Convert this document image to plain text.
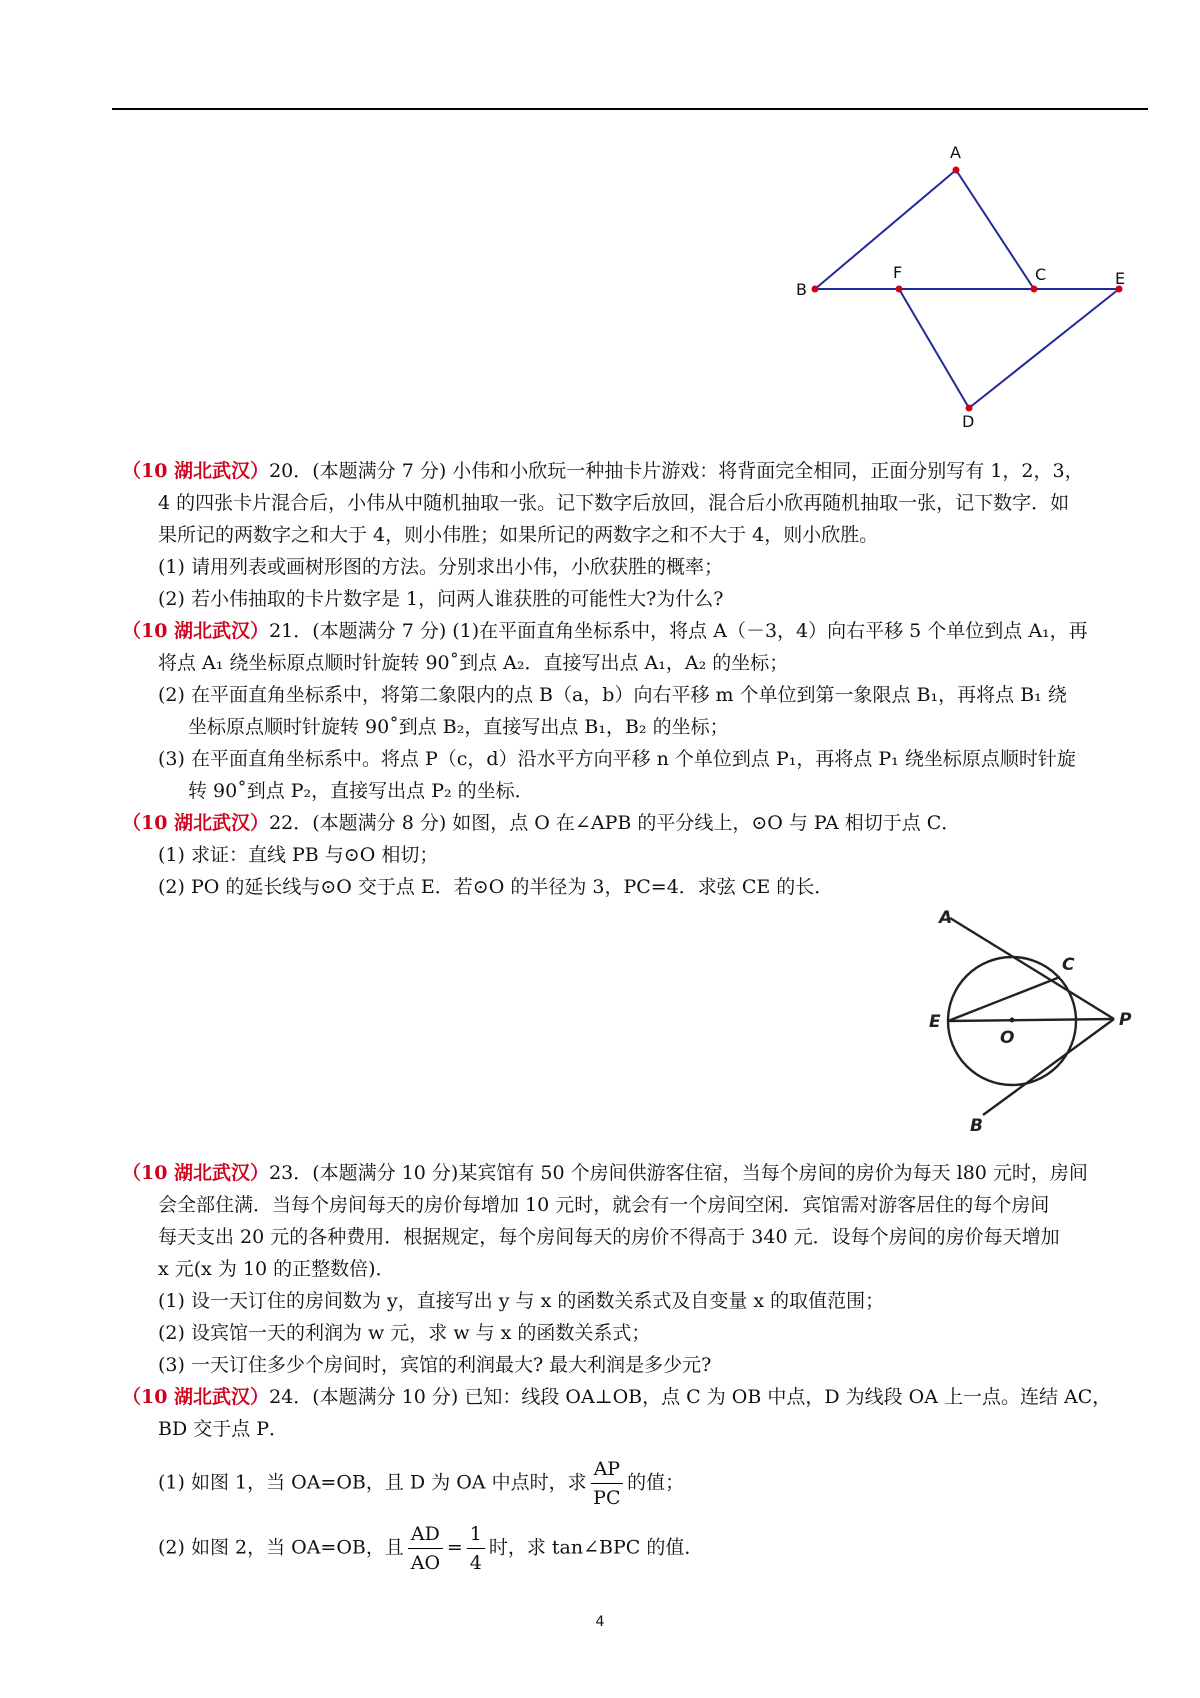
A
B
F	C	E
D
（10 湖北武汉）20．(本题满分 7 分) 小伟和小欣玩一种抽卡片游戏：将背面完全相同，正面分别写有 1，2，3，
4 的四张卡片混合后，小伟从中随机抽取一张。记下数字后放回，混合后小欣再随机抽取一张，记下数字．如
果所记的两数字之和大于 4，则小伟胜；如果所记的两数字之和不大于 4，则小欣胜。
(1) 请用列表或画树形图的方法。分别求出小伟，小欣获胜的概率；
(2) 若小伟抽取的卡片数字是 1，问两人谁获胜的可能性大?为什么?
（10 湖北武汉）21．(本题满分 7 分) (1)在平面直角坐标系中，将点 A（－3，4）向右平移 5 个单位到点 A₁，再
将点 A₁ 绕坐标原点顺时针旋转 90˚到点 A₂．直接写出点 A₁，A₂ 的坐标；
(2) 在平面直角坐标系中，将第二象限内的点 B（a，b）向右平移 m 个单位到第一象限点 B₁，再将点 B₁ 绕
坐标原点顺时针旋转 90˚到点 B₂，直接写出点 B₁，B₂ 的坐标；
(3) 在平面直角坐标系中。将点 P（c，d）沿水平方向平移 n 个单位到点 P₁，再将点 P₁ 绕坐标原点顺时针旋
转 90˚到点 P₂，直接写出点 P₂ 的坐标．
（10 湖北武汉）22．(本题满分 8 分) 如图，点 O 在∠APB 的平分线上，⊙O 与 PA 相切于点 C．
(1) 求证：直线 PB 与⊙O 相切；
(2) PO 的延长线与⊙O 交于点 E．若⊙O 的半径为 3，PC=4．求弦 CE 的长．
A
C
E
O
P
B
（10 湖北武汉）23．(本题满分 10 分)某宾馆有 50 个房间供游客住宿，当每个房间的房价为每天 l80 元时，房间
会全部住满．当每个房间每天的房价每增加 10 元时，就会有一个房间空闲．宾馆需对游客居住的每个房间
每天支出 20 元的各种费用．根据规定，每个房间每天的房价不得高于 340 元．设每个房间的房价每天增加
x 元(x 为 10 的正整数倍)．
(1) 设一天订住的房间数为 y，直接写出 y 与 x 的函数关系式及自变量 x 的取值范围；
(2) 设宾馆一天的利润为 w 元，求 w 与 x 的函数关系式；
(3) 一天订住多少个房间时，宾馆的利润最大? 最大利润是多少元?
（10 湖北武汉）24．(本题满分 10 分) 已知：线段 OA⊥OB，点 C 为 OB 中点，D 为线段 OA 上一点。连结 AC，
BD 交于点 P．
(1) 如图 1，当 OA=OB，且 D 为 OA 中点时，求 $\frac{AP}{PC}$ 的值；
(2) 如图 2，当 OA=OB，且 $\frac{AD}{AO} = \frac{1}{4}$ 时，求 tan∠BPC 的值．
4
